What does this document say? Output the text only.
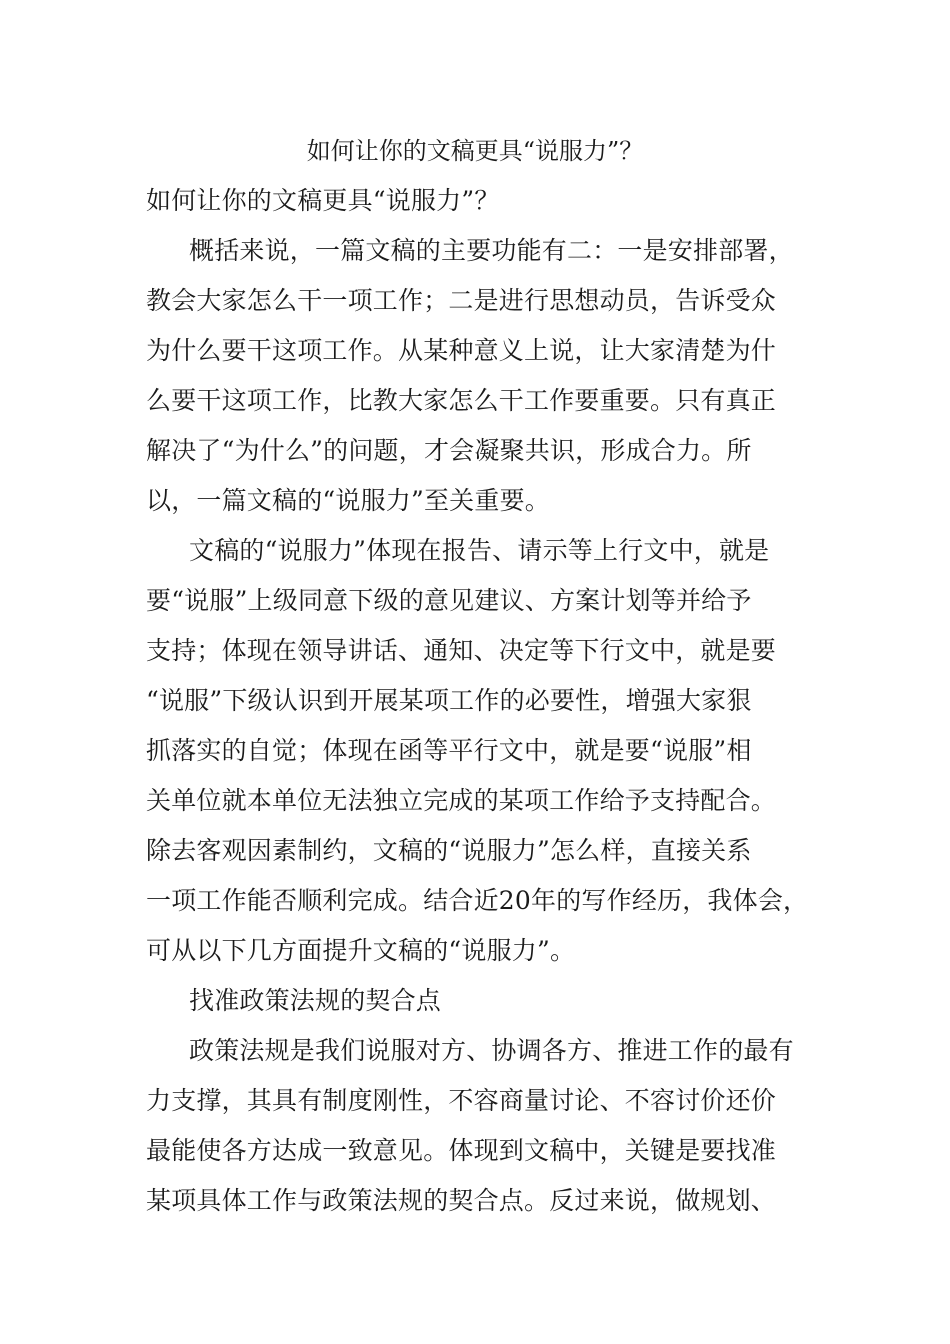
如何让你的文稿更具“说服力”？
如何让你的文稿更具“说服力”？
概括来说，一篇文稿的主要功能有二：一是安排部署，
教会大家怎么干一项工作；二是进行思想动员，告诉受众
为什么要干这项工作。从某种意义上说，让大家清楚为什
么要干这项工作，比教大家怎么干工作要重要。只有真正
解决了“为什么”的问题，才会凝聚共识，形成合力。所
以，一篇文稿的“说服力”至关重要。
文稿的“说服力”体现在报告、请示等上行文中，就是
要“说服”上级同意下级的意见建议、方案计划等并给予
支持；体现在领导讲话、通知、决定等下行文中，就是要
“说服”下级认识到开展某项工作的必要性，增强大家狠
抓落实的自觉；体现在函等平行文中，就是要“说服”相
关单位就本单位无法独立完成的某项工作给予支持配合。
除去客观因素制约，文稿的“说服力”怎么样，直接关系
一项工作能否顺利完成。结合近20年的写作经历，我体会，
可从以下几方面提升文稿的“说服力”。
找准政策法规的契合点
政策法规是我们说服对方、协调各方、推进工作的最有
力支撑，其具有制度刚性，不容商量讨论、不容讨价还价
最能使各方达成一致意见。体现到文稿中，关键是要找准
某项具体工作与政策法规的契合点。反过来说，做规划、
